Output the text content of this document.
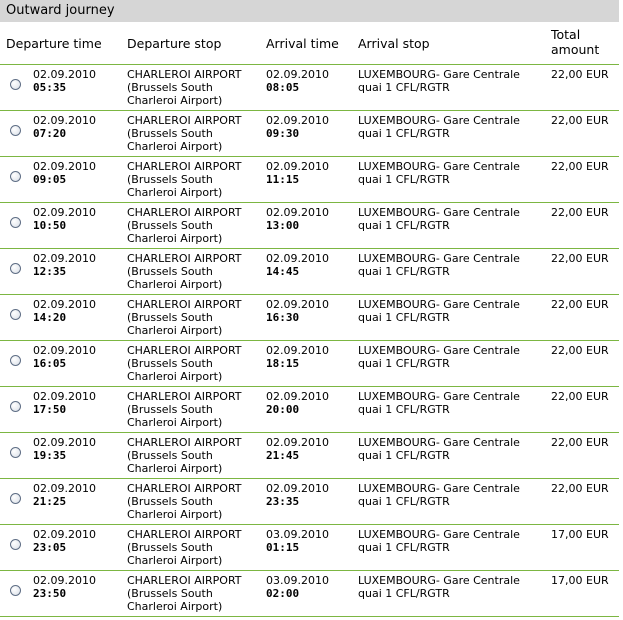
Outward journey
Departure time Departure stop	Arrival time Arrival stop
Total amount
02.09.2010
05:35
CHARLEROI AIRPORT
(Brussels South
Charleroi Airport)
02.09.2010
08:05
LUXEMBOURG- Gare Centrale
quai 1 CFL/RGTR
22,00 EUR
02.09.2010
07:20
CHARLEROI AIRPORT
(Brussels South
Charleroi Airport)
02.09.2010
09:30
LUXEMBOURG- Gare Centrale
quai 1 CFL/RGTR
22,00 EUR
02.09.2010
09:05
CHARLEROI AIRPORT
(Brussels South
Charleroi Airport)
02.09.2010
11:15
LUXEMBOURG- Gare Centrale
quai 1 CFL/RGTR
22,00 EUR
02.09.2010
10:50
CHARLEROI AIRPORT
(Brussels South
Charleroi Airport)
02.09.2010
13:00
LUXEMBOURG- Gare Centrale
quai 1 CFL/RGTR
22,00 EUR
02.09.2010
12:35
CHARLEROI AIRPORT
(Brussels South
Charleroi Airport)
02.09.2010
14:45
LUXEMBOURG- Gare Centrale
quai 1 CFL/RGTR
22,00 EUR
02.09.2010
14:20
CHARLEROI AIRPORT
(Brussels South
Charleroi Airport)
02.09.2010
16:30
LUXEMBOURG- Gare Centrale
quai 1 CFL/RGTR
22,00 EUR
02.09.2010
16:05
CHARLEROI AIRPORT
(Brussels South
Charleroi Airport)
02.09.2010
18:15
LUXEMBOURG- Gare Centrale
quai 1 CFL/RGTR
22,00 EUR
02.09.2010
17:50
CHARLEROI AIRPORT
(Brussels South
Charleroi Airport)
02.09.2010
20:00
LUXEMBOURG- Gare Centrale
quai 1 CFL/RGTR
22,00 EUR
02.09.2010
19:35
CHARLEROI AIRPORT
(Brussels South
Charleroi Airport)
02.09.2010
21:45
LUXEMBOURG- Gare Centrale
quai 1 CFL/RGTR
22,00 EUR
02.09.2010
21:25
CHARLEROI AIRPORT
(Brussels South
Charleroi Airport)
02.09.2010
23:35
LUXEMBOURG- Gare Centrale
quai 1 CFL/RGTR
22,00 EUR
02.09.2010
23:05
CHARLEROI AIRPORT
(Brussels South
Charleroi Airport)
03.09.2010
01:15
LUXEMBOURG- Gare Centrale
quai 1 CFL/RGTR
17,00 EUR
02.09.2010
23:50
CHARLEROI AIRPORT
(Brussels South
Charleroi Airport)
03.09.2010
02:00
LUXEMBOURG- Gare Centrale
quai 1 CFL/RGTR
17,00 EUR
